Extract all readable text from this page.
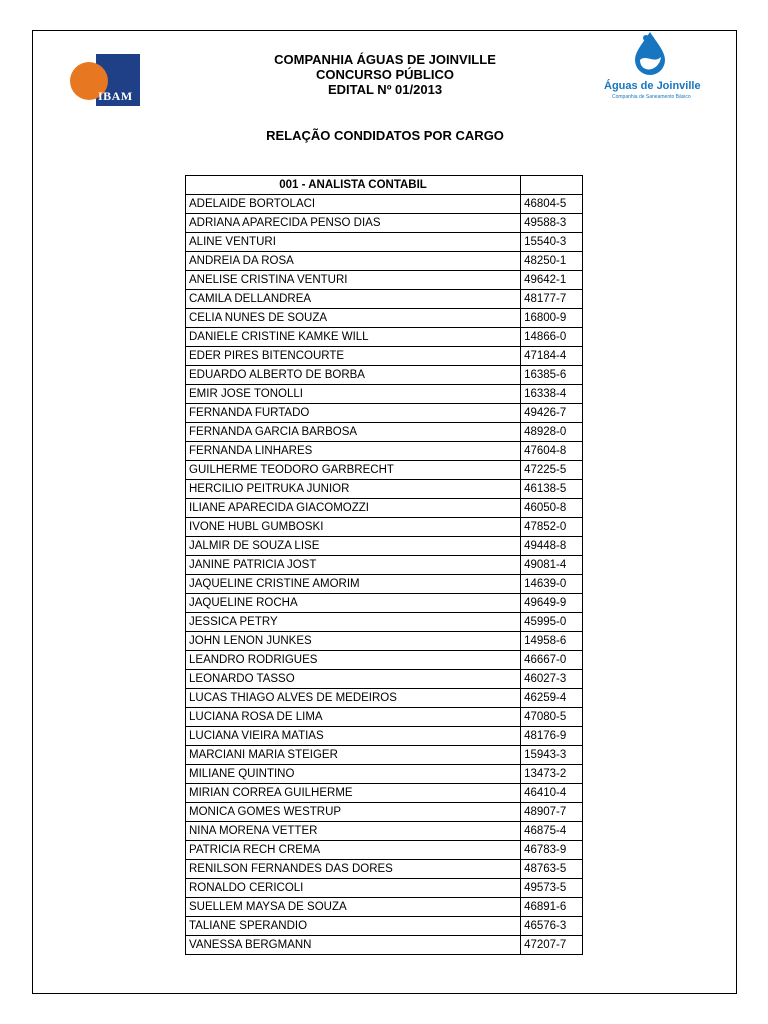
IBAM
Águas de Joinville
Companhia de Saneamento Básico
COMPANHIA ÁGUAS DE JOINVILLE
CONCURSO PÚBLICO
EDITAL Nº 01/2013
RELAÇÃO CONDIDATOS POR CARGO
001 - ANALISTA CONTABIL	
ADELAIDE BORTOLACI	46804-5
ADRIANA APARECIDA PENSO DIAS	49588-3
ALINE VENTURI	15540-3
ANDREIA DA ROSA	48250-1
ANELISE CRISTINA VENTURI	49642-1
CAMILA DELLANDREA	48177-7
CELIA NUNES DE SOUZA	16800-9
DANIELE CRISTINE KAMKE WILL	14866-0
EDER PIRES BITENCOURTE	47184-4
EDUARDO ALBERTO DE BORBA	16385-6
EMIR JOSE TONOLLI	16338-4
FERNANDA FURTADO	49426-7
FERNANDA GARCIA BARBOSA	48928-0
FERNANDA LINHARES	47604-8
GUILHERME TEODORO GARBRECHT	47225-5
HERCILIO PEITRUKA JUNIOR	46138-5
ILIANE APARECIDA GIACOMOZZI	46050-8
IVONE HUBL GUMBOSKI	47852-0
JALMIR DE SOUZA LISE	49448-8
JANINE PATRICIA JOST	49081-4
JAQUELINE CRISTINE AMORIM	14639-0
JAQUELINE ROCHA	49649-9
JESSICA PETRY	45995-0
JOHN LENON JUNKES	14958-6
LEANDRO RODRIGUES	46667-0
LEONARDO TASSO	46027-3
LUCAS THIAGO ALVES DE MEDEIROS	46259-4
LUCIANA ROSA DE LIMA	47080-5
LUCIANA VIEIRA MATIAS	48176-9
MARCIANI MARIA STEIGER	15943-3
MILIANE QUINTINO	13473-2
MIRIAN CORREA GUILHERME	46410-4
MONICA GOMES WESTRUP	48907-7
NINA MORENA VETTER	46875-4
PATRICIA RECH CREMA	46783-9
RENILSON FERNANDES DAS DORES	48763-5
RONALDO CERICOLI	49573-5
SUELLEM MAYSA DE SOUZA	46891-6
TALIANE SPERANDIO	46576-3
VANESSA BERGMANN	47207-7
